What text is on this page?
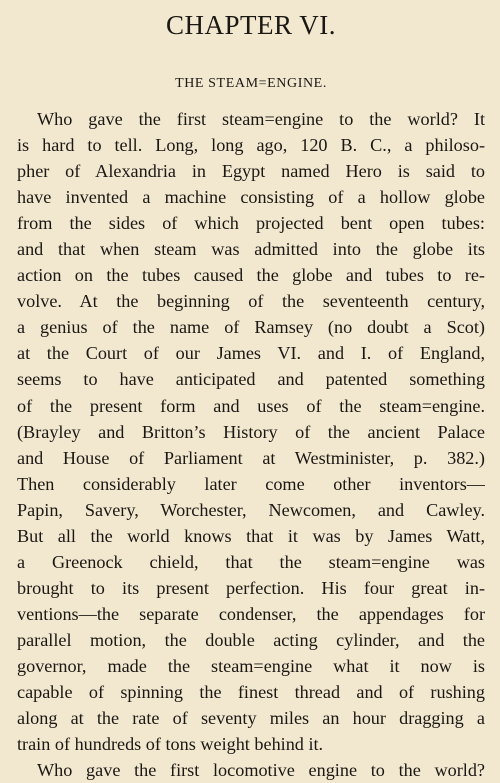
CHAPTER VI.
THE STEAM=ENGINE.
Who gave the first steam=engine to the world? It
is hard to tell. Long, long ago, 120 B. C., a philoso-
pher of Alexandria in Egypt named Hero is said to
have invented a machine consisting of a hollow globe
from the sides of which projected bent open tubes:
and that when steam was admitted into the globe its
action on the tubes caused the globe and tubes to re-
volve. At the beginning of the seventeenth century,
a genius of the name of Ramsey (no doubt a Scot)
at the Court of our James VI. and I. of England,
seems to have anticipated and patented something
of the present form and uses of the steam=engine.
(Brayley and Britton’s History of the ancient Palace
and House of Parliament at Westminister, p. 382.)
Then considerably later come other inventors—
Papin, Savery, Worchester, Newcomen, and Cawley.
But all the world knows that it was by James Watt,
a Greenock chield, that the steam=engine was
brought to its present perfection. His four great in-
ventions—the separate condenser, the appendages for
parallel motion, the double acting cylinder, and the
governor, made the steam=engine what it now is
capable of spinning the finest thread and of rushing
along at the rate of seventy miles an hour dragging a
train of hundreds of tons weight behind it.
Who gave the first locomotive engine to the world?
